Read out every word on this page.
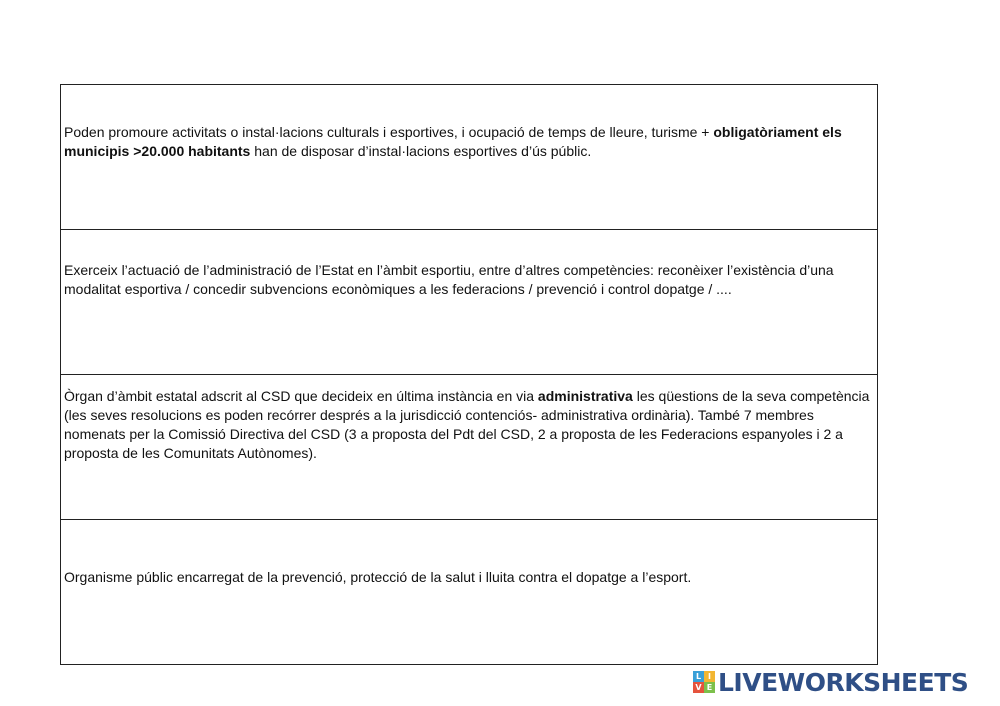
Poden promoure activitats o instal·lacions culturals i esportives, i ocupació de temps de lleure, turisme + obligatòriament els municipis >20.000 habitants han de disposar d’instal·lacions esportives d’ús públic.

Exerceix l’actuació de l’administració de l’Estat en l’àmbit esportiu, entre d’altres competències: reconèixer l’existència d’una modalitat esportiva / concedir subvencions econòmiques a les federacions / prevenció i control dopatge / ....

Òrgan d’àmbit estatal adscrit al CSD que decideix en última instància en via administrativa les qüestions de la seva competència (les seves resolucions es poden recórrer després a la jurisdicció contenciós- administrativa ordinària). També 7 membres nomenats per la Comissió Directiva del CSD (3 a proposta del Pdt del CSD, 2 a proposta de les Federacions espanyoles i 2 a proposta de les Comunitats Autònomes).

Organisme públic encarregat de la prevenció, protecció de la salut i lluita contra el dopatge a l’esport.

L I
V E LIVEWORKSHEETS
